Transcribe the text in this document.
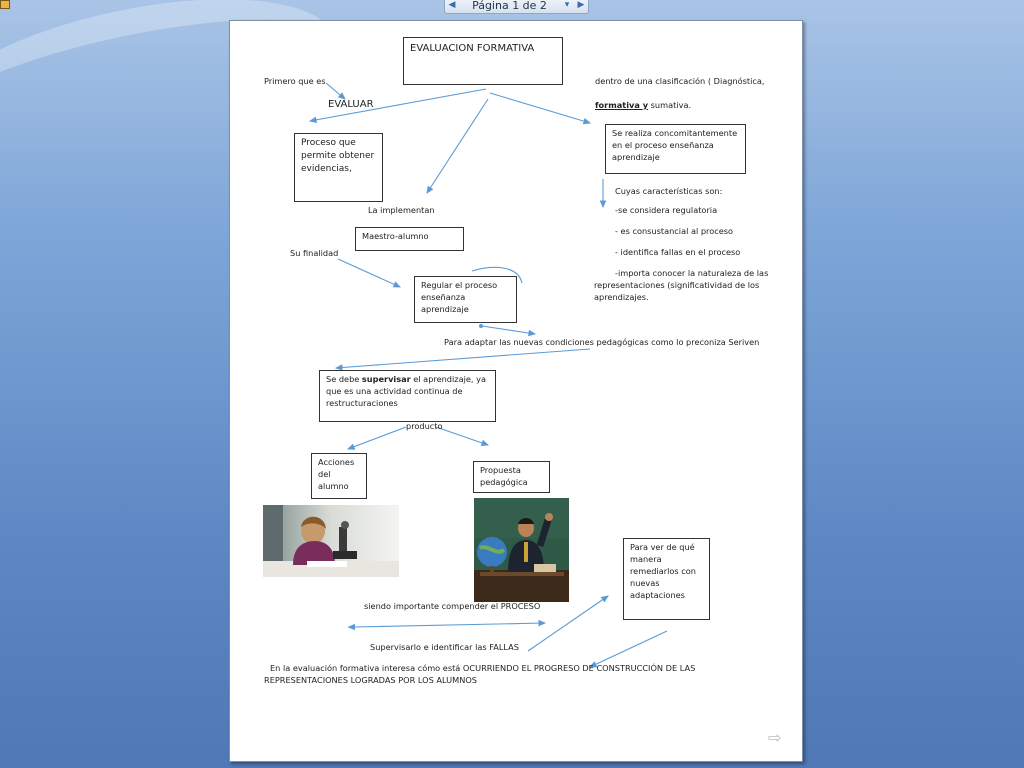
◀	Página 1 de 2	▾ ▶
EVALUACION FORMATIVA
Primero que es
EVALUAR
dentro de una clasificación ( Diagnóstica,
formativa y sumativa.
Proceso que permite obtener evidencias,
Se realiza concomitantemente en el proceso enseñanza aprendizaje
Cuyas características son:
-se considera regulatoria
- es consustancial al proceso
- identifica fallas en el proceso
-importa conocer la naturaleza de las representaciones (significatividad de los aprendizajes.
La implementan
Maestro-alumno
Su finalidad
Regular el proceso enseñanza aprendizaje
Para adaptar las nuevas condiciones pedagógicas como lo preconiza Seriven
Se debe supervisar el aprendizaje, ya que es una actividad continua de restructuraciones
producto
Acciones del alumno
Propuesta pedagógica
Para ver de qué manera remediarlos con nuevas adaptaciones
siendo importante compender el PROCESO
Supervisarlo e identificar las FALLAS
En la evaluación formativa interesa cómo está OCURRIENDO EL PROGRESO DE CONSTRUCCIÓN DE LAS REPRESENTACIONES LOGRADAS POR LOS ALUMNOS
⇨
